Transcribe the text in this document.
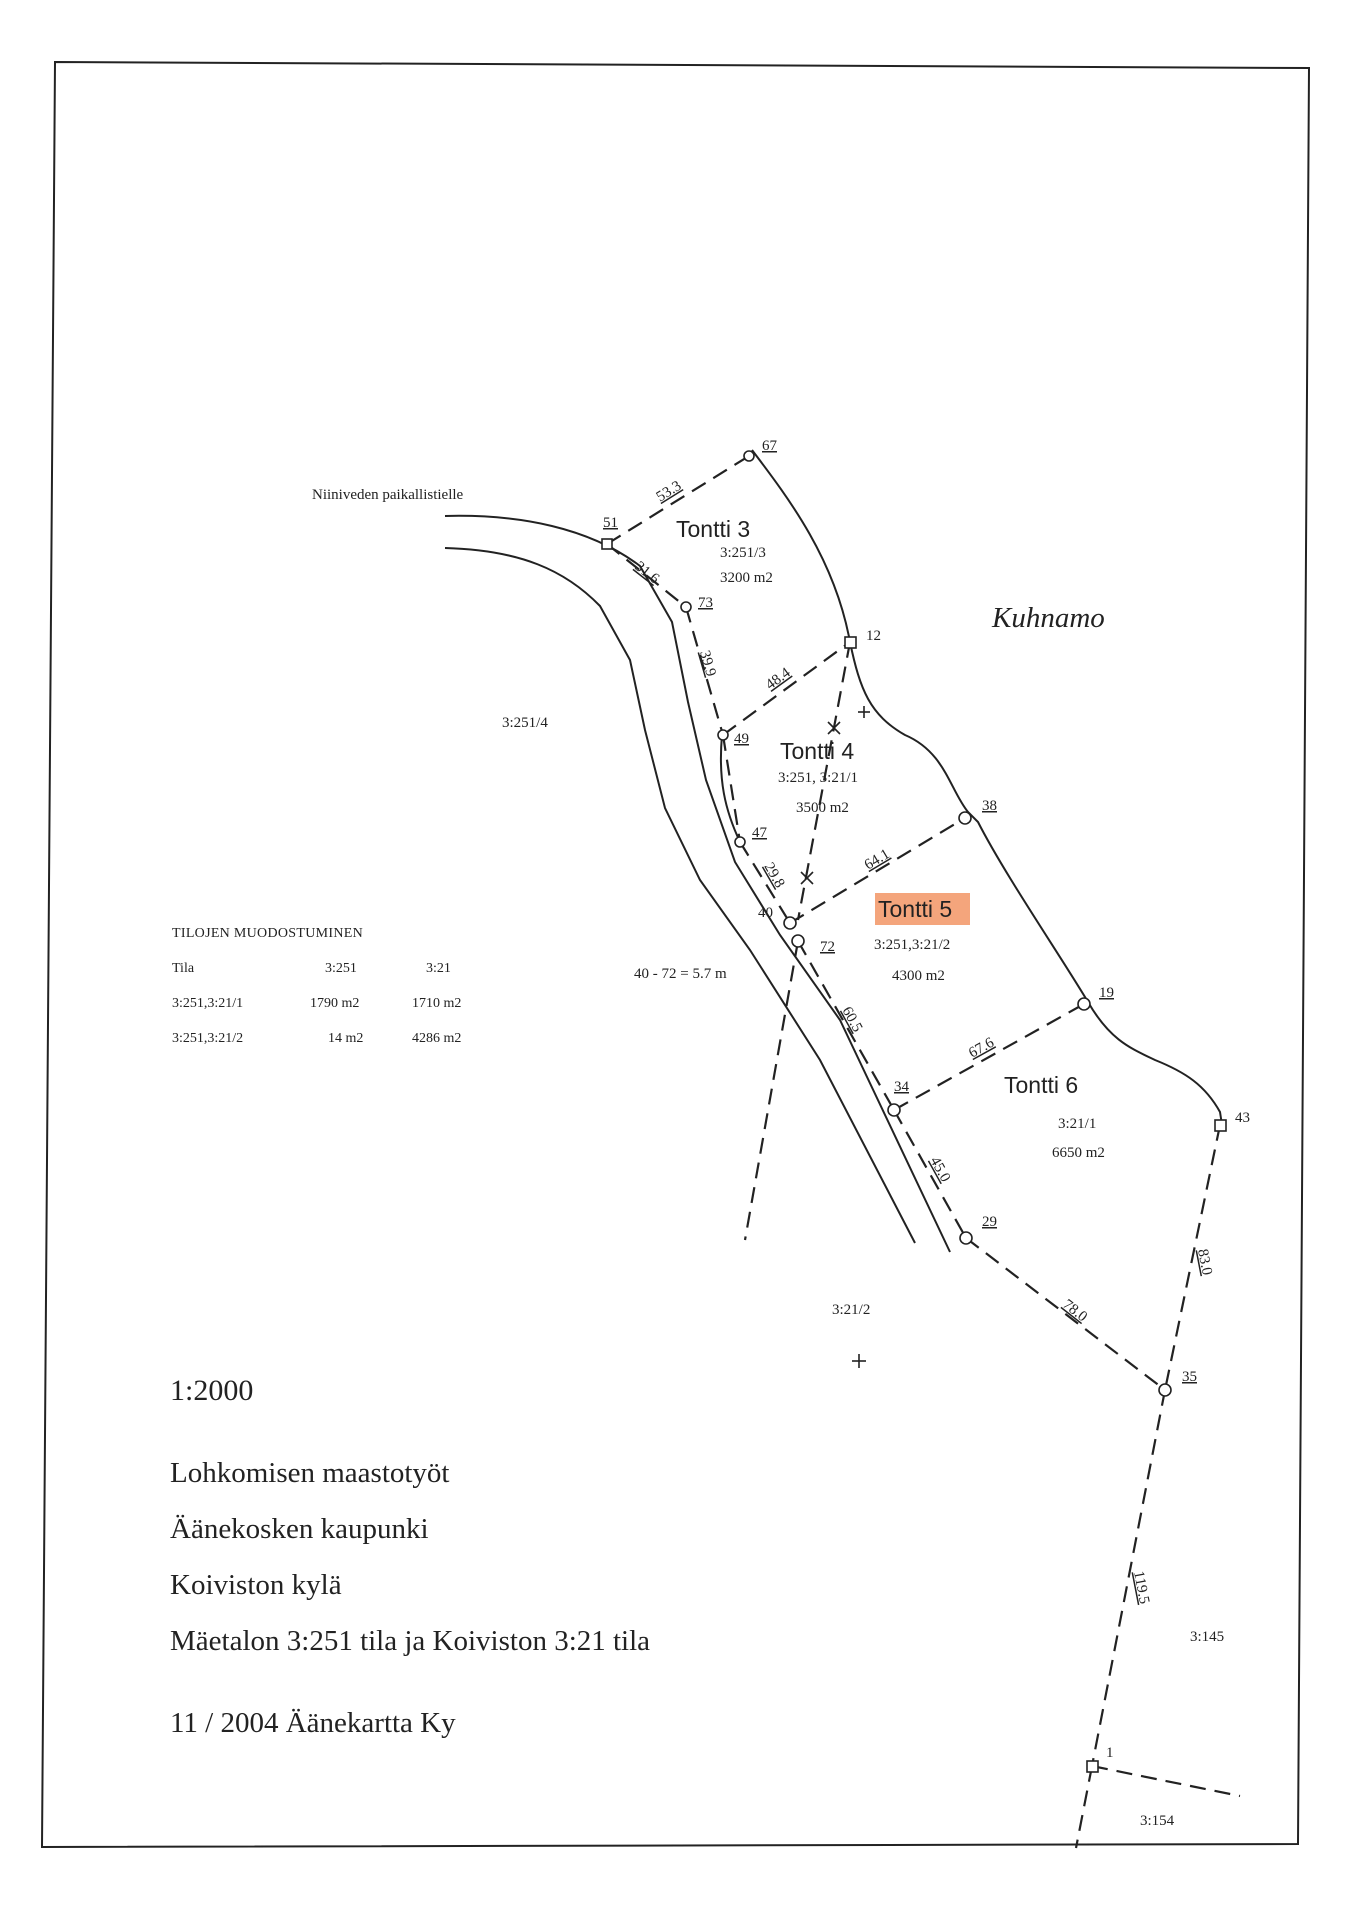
67
51
73
12
49
47
38
40
72
19
34
43
29
35
1
53.3
31.6
39.9
48.4
29.8
64.1
60.5
67.6
45.0
78.0
83.0
119.5
Niiniveden paikallistielle
Kuhnamo
Tontti 3
3:251/3
3200 m2
Tontti 4
3:251, 3:21/1
3500 m2
Tontti 5
3:251,3:21/2
4300 m2
Tontti 6
3:21/1
6650 m2
3:251/4
3:21/2
3:145
3:154
40 - 72 = 5.7 m
TILOJEN MUODOSTUMINEN
Tila	3:251	3:21
3:251,3:21/1	1790 m2	1710 m2
3:251,3:21/2	14 m2	4286 m2
1:2000
Lohkomisen maastotyöt
Äänekosken kaupunki
Koiviston kylä
Mäetalon 3:251 tila ja Koiviston 3:21 tila
11 / 2004 Äänekartta Ky
